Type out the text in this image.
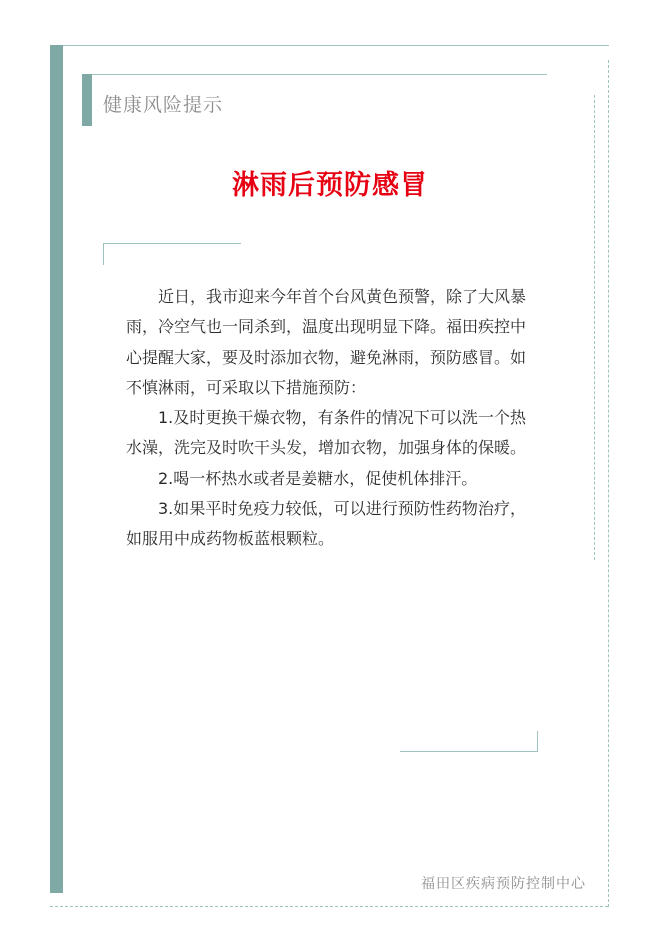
健康风险提示
淋雨后预防感冒

近日，我市迎来今年首个台风黄色预警，除了大风暴雨，冷空气也一同杀到，温度出现明显下降。福田疾控中心提醒大家，要及时添加衣物，避免淋雨，预防感冒。如不慎淋雨，可采取以下措施预防：

1.及时更换干燥衣物，有条件的情况下可以洗一个热水澡，洗完及时吹干头发，增加衣物，加强身体的保暖。

2.喝一杯热水或者是姜糖水，促使机体排汗。

3.如果平时免疫力较低，可以进行预防性药物治疗，如服用中成药物板蓝根颗粒。

福田区疾病预防控制中心
